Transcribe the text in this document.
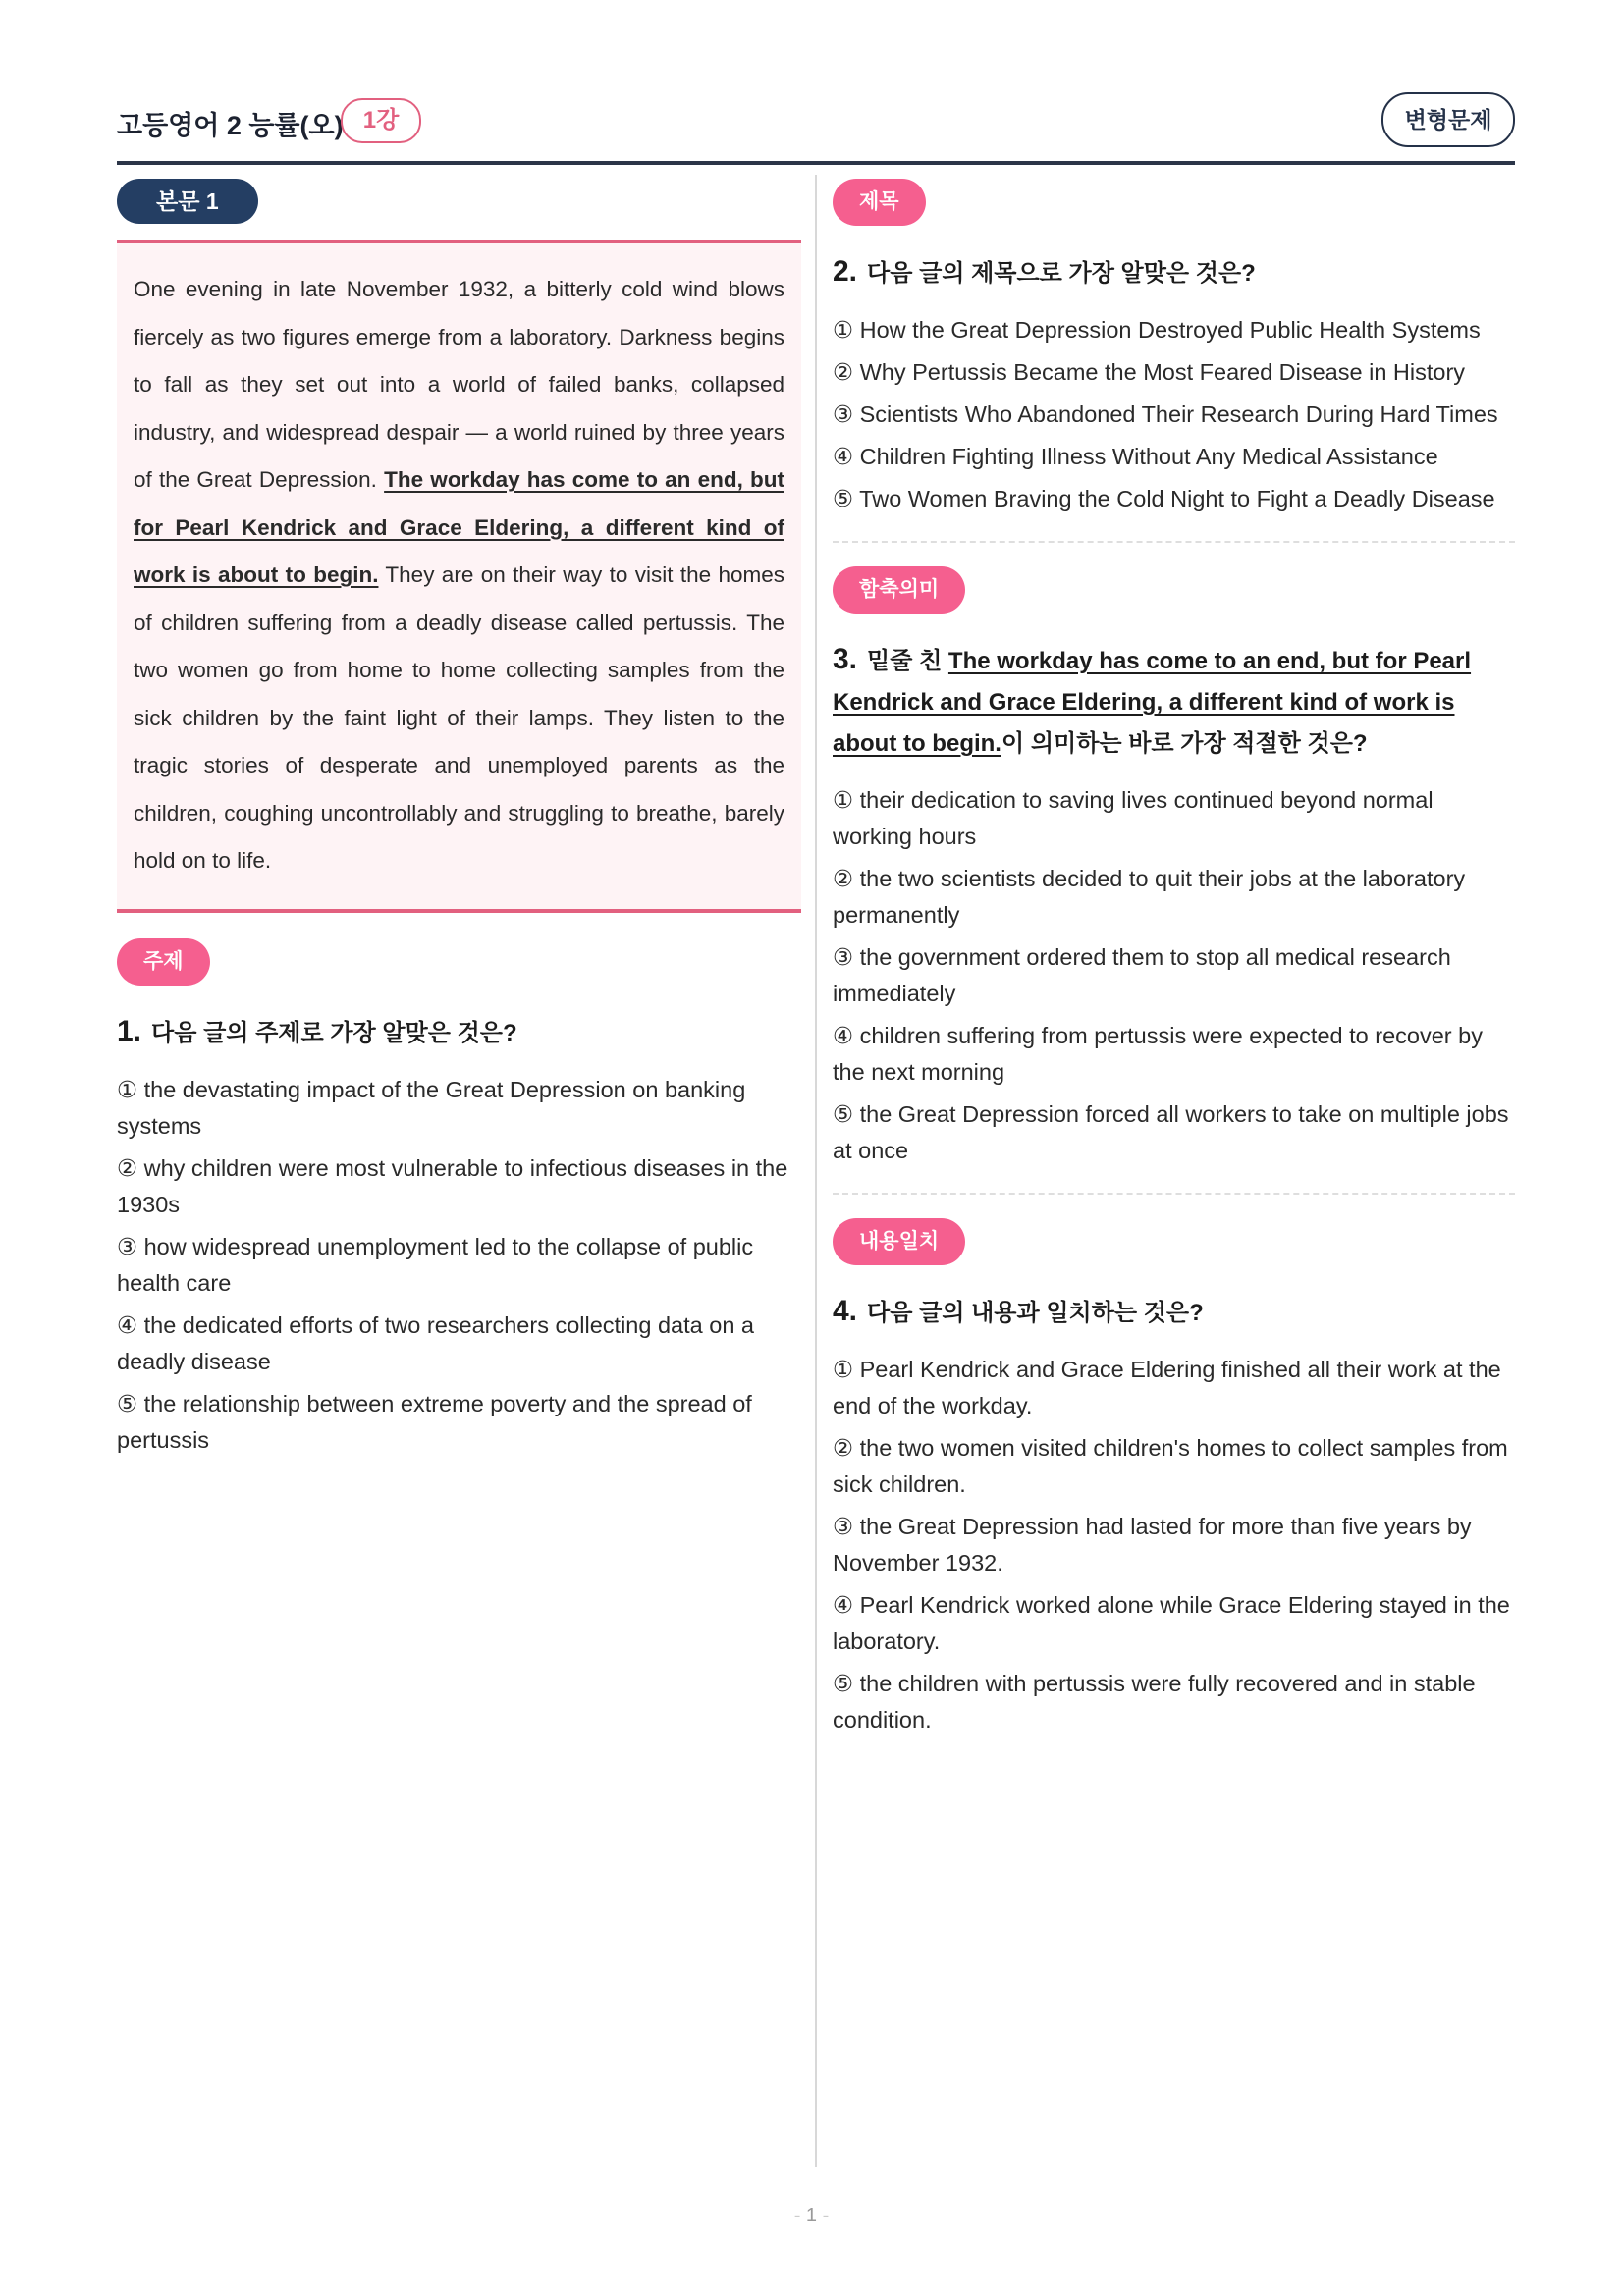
고등영어 2 능률(오) 1강	변형문제
본문 1
One evening in late November 1932, a bitterly cold wind blows fiercely as two figures emerge from a laboratory. Darkness begins to fall as they set out into a world of failed banks, collapsed industry, and widespread despair — a world ruined by three years of the Great Depression. The workday has come to an end, but for Pearl Kendrick and Grace Eldering, a different kind of work is about to begin. They are on their way to visit the homes of children suffering from a deadly disease called pertussis. The two women go from home to home collecting samples from the sick children by the faint light of their lamps. They listen to the tragic stories of desperate and unemployed parents as the children, coughing uncontrollably and struggling to breathe, barely hold on to life.
주제
1. 다음 글의 주제로 가장 알맞은 것은?
① the devastating impact of the Great Depression on banking systems
② why children were most vulnerable to infectious diseases in the 1930s
③ how widespread unemployment led to the collapse of public health care
④ the dedicated efforts of two researchers collecting data on a deadly disease
⑤ the relationship between extreme poverty and the spread of pertussis
제목
2. 다음 글의 제목으로 가장 알맞은 것은?
① How the Great Depression Destroyed Public Health Systems
② Why Pertussis Became the Most Feared Disease in History
③ Scientists Who Abandoned Their Research During Hard Times
④ Children Fighting Illness Without Any Medical Assistance
⑤ Two Women Braving the Cold Night to Fight a Deadly Disease
함축의미
3. 밑줄 친 The workday has come to an end, but for Pearl Kendrick and Grace Eldering, a different kind of work is about to begin.이 의미하는 바로 가장 적절한 것은?
① their dedication to saving lives continued beyond normal working hours
② the two scientists decided to quit their jobs at the laboratory permanently
③ the government ordered them to stop all medical research immediately
④ children suffering from pertussis were expected to recover by the next morning
⑤ the Great Depression forced all workers to take on multiple jobs at once
내용일치
4. 다음 글의 내용과 일치하는 것은?
① Pearl Kendrick and Grace Eldering finished all their work at the end of the workday.
② the two women visited children's homes to collect samples from sick children.
③ the Great Depression had lasted for more than five years by November 1932.
④ Pearl Kendrick worked alone while Grace Eldering stayed in the laboratory.
⑤ the children with pertussis were fully recovered and in stable condition.
- 1 -
